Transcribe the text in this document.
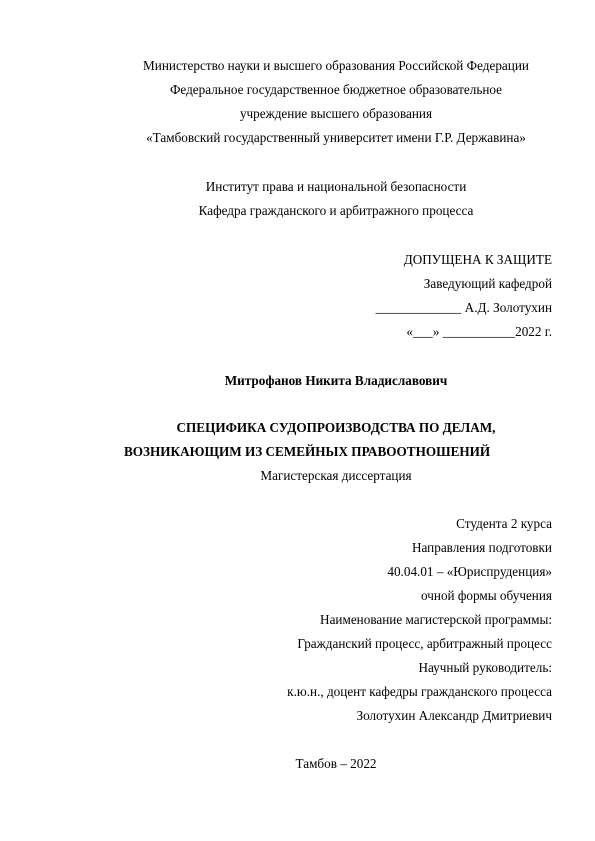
Министерство науки и высшего образования Российской Федерации
Федеральное государственное бюджетное образовательное
учреждение высшего образования
«Тамбовский государственный университет имени Г.Р. Державина»
Институт права и национальной безопасности
Кафедра гражданского и арбитражного процесса
ДОПУЩЕНА К ЗАЩИТЕ
Заведующий кафедрой
_____________ А.Д. Золотухин
«___» ___________2022 г.
Митрофанов Никита Владиславович
СПЕЦИФИКА СУДОПРОИЗВОДСТВА ПО ДЕЛАМ,
ВОЗНИКАЮЩИМ ИЗ СЕМЕЙНЫХ ПРАВООТНОШЕНИЙ
Магистерская диссертация
Студента 2 курса
Направления подготовки
40.04.01 – «Юриспруденция»
очной формы обучения
Наименование магистерской программы:
Гражданский процесс, арбитражный процесс
Научный руководитель:
к.ю.н., доцент кафедры гражданского процесса
Золотухин Александр Дмитриевич
Тамбов – 2022
